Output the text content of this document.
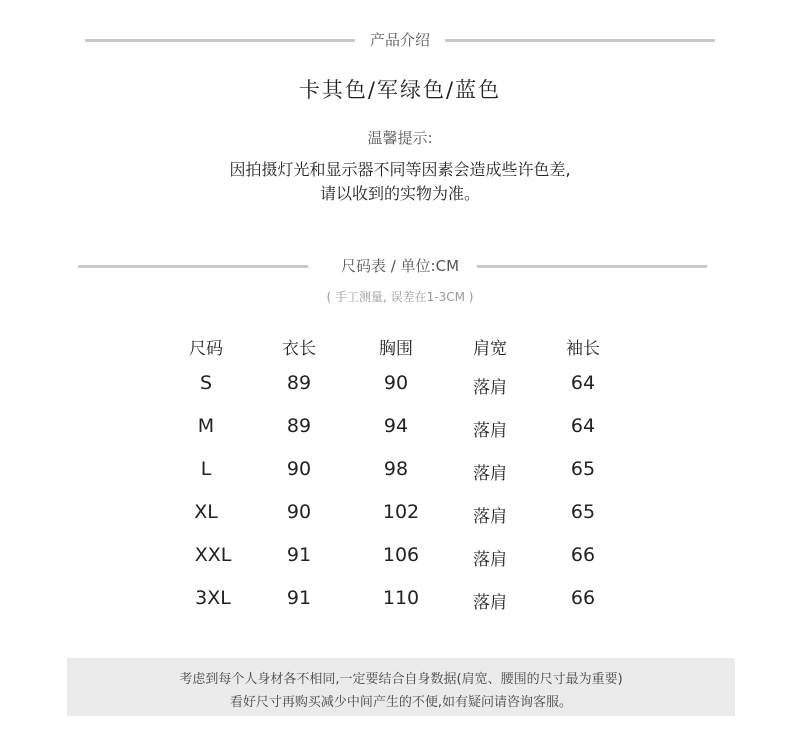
产品介绍
卡其色/军绿色/蓝色
温馨提示:
因拍摄灯光和显示器不同等因素会造成些许色差,
请以收到的实物为准。
尺码表 / 单位:CM
( 手工测量, 误差在1-3CM )
尺码	衣长	胸围	肩宽	袖长
S	89	90	落肩	64
M	89	94	落肩	64
L	90	98	落肩	65
XL	90	102	落肩	65
XXL	91	106	落肩	66
3XL	91	110	落肩	66
考虑到每个人身材各不相同,一定要结合自身数据(肩宽、腰围的尺寸最为重要)
看好尺寸再购买减少中间产生的不便,如有疑问请咨询客服。
